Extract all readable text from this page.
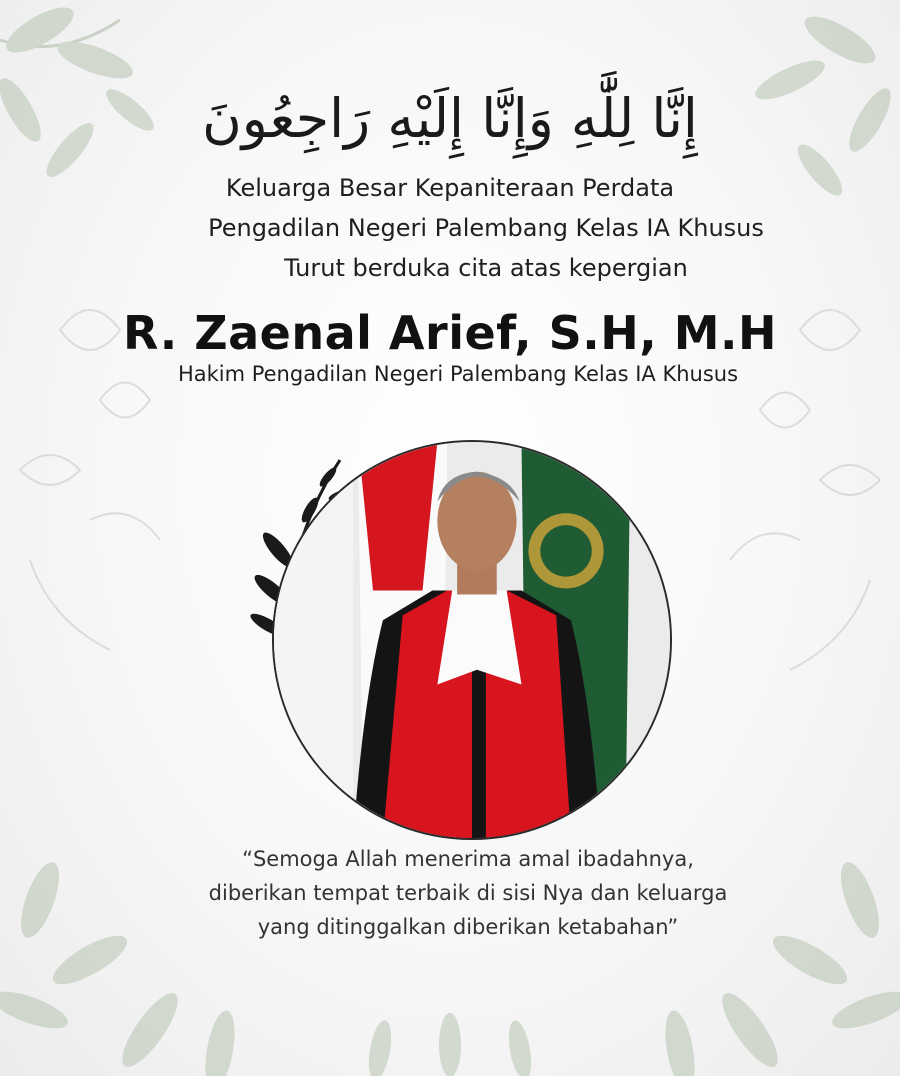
إِنَّا لِلَّٰهِ وَإِنَّا إِلَيْهِ رَاجِعُونَ
Keluarga Besar Kepaniteraan Perdata
Pengadilan Negeri Palembang Kelas IA Khusus
Turut berduka cita atas kepergian
R. Zaenal Arief, S.H, M.H
Hakim Pengadilan Negeri Palembang Kelas IA Khusus
“Semoga Allah menerima amal ibadahnya,
diberikan tempat terbaik di sisi Nya dan keluarga
yang ditinggalkan diberikan ketabahan”
